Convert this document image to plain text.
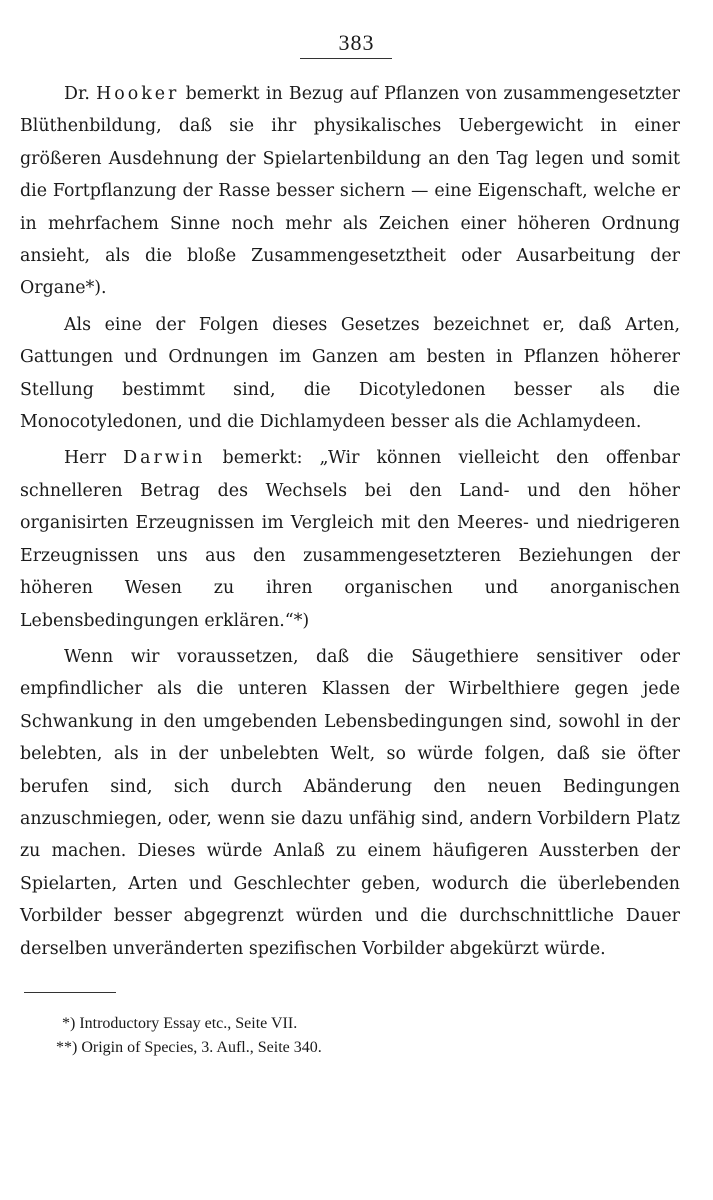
383

Dr. Hooker bemerkt in Bezug auf Pflanzen von zusammengesetzter Blüthenbildung, daß sie ihr physikalisches Uebergewicht in einer größeren Ausdehnung der Spielartenbildung an den Tag legen und somit die Fortpflanzung der Rasse besser sichern — eine Eigenschaft, welche er in mehrfachem Sinne noch mehr als Zeichen einer höheren Ordnung ansieht, als die bloße Zusammengesetztheit oder Ausarbeitung der Organe*).

Als eine der Folgen dieses Gesetzes bezeichnet er, daß Arten, Gattungen und Ordnungen im Ganzen am besten in Pflanzen höherer Stellung bestimmt sind, die Dicotyledonen besser als die Monocotyledonen, und die Dichlamydeen besser als die Achlamydeen.

Herr Darwin bemerkt: „Wir können vielleicht den offenbar schnelleren Betrag des Wechsels bei den Land- und den höher organisirten Erzeugnissen im Vergleich mit den Meeres- und niedrigeren Erzeugnissen uns aus den zusammengesetzteren Beziehungen der höheren Wesen zu ihren organischen und anorganischen Lebensbedingungen erklären.“*)

Wenn wir voraussetzen, daß die Säugethiere sensitiver oder empfindlicher als die unteren Klassen der Wirbelthiere gegen jede Schwankung in den umgebenden Lebensbedingungen sind, sowohl in der belebten, als in der unbelebten Welt, so würde folgen, daß sie öfter berufen sind, sich durch Abänderung den neuen Bedingungen anzuschmiegen, oder, wenn sie dazu unfähig sind, andern Vorbildern Platz zu machen. Dieses würde Anlaß zu einem häufigeren Aussterben der Spielarten, Arten und Geschlechter geben, wodurch die überlebenden Vorbilder besser abgegrenzt würden und die durchschnittliche Dauer derselben unveränderten spezifischen Vorbilder abgekürzt würde.

*) Introductory Essay etc., Seite VII.

**) Origin of Species, 3. Aufl., Seite 340.
